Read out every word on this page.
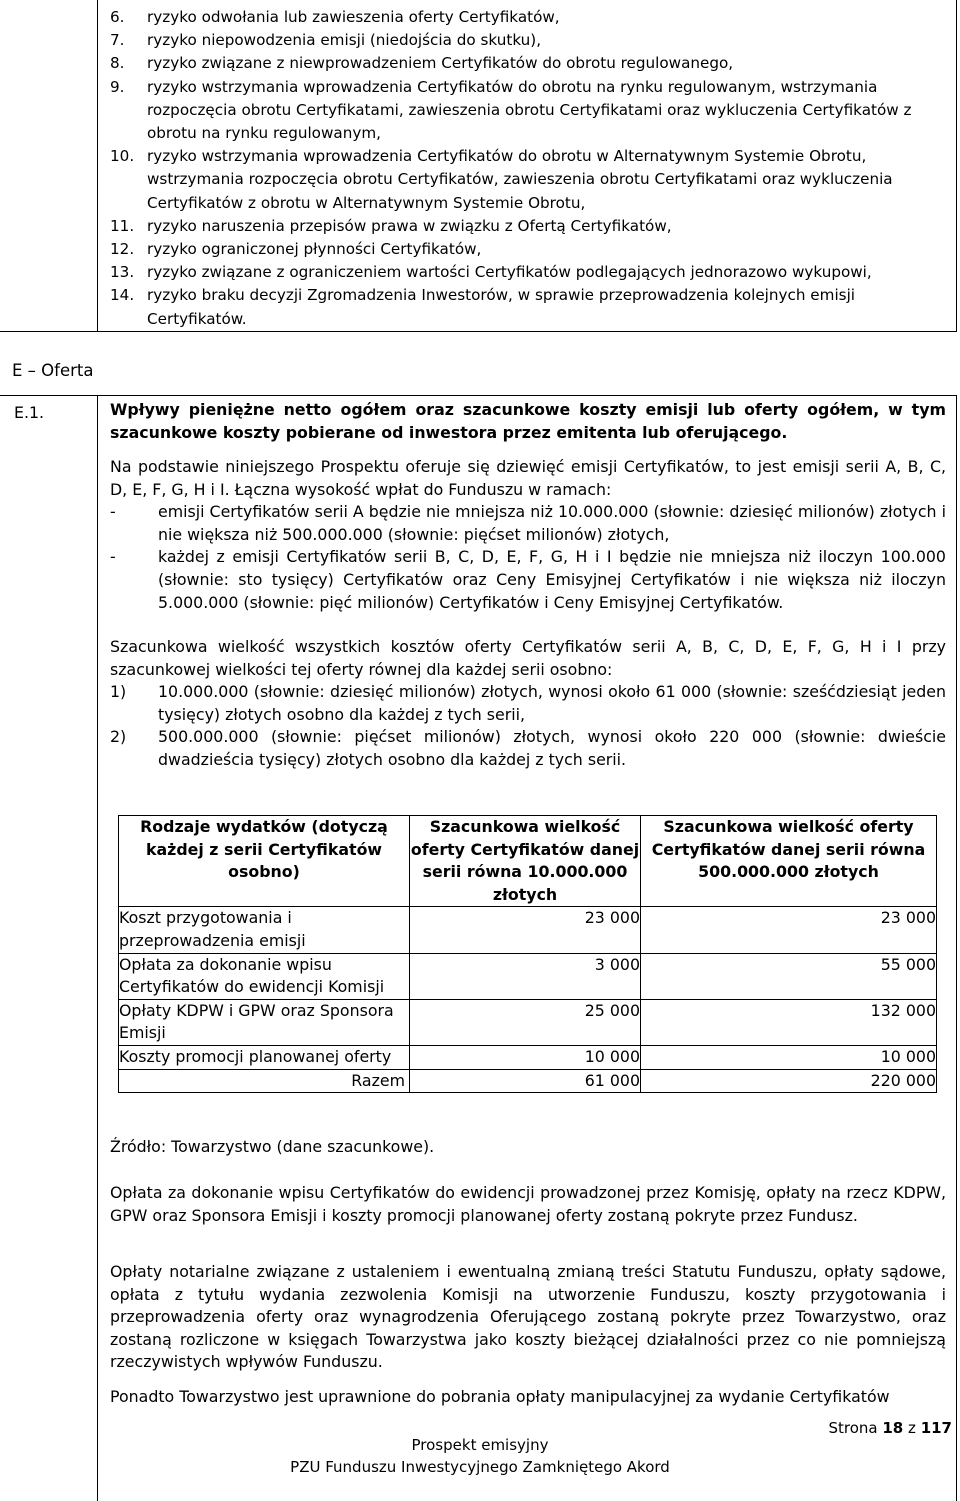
6.	ryzyko odwołania lub zawieszenia oferty Certyfikatów,
7.	ryzyko niepowodzenia emisji (niedojścia do skutku),
8.	ryzyko związane z niewprowadzeniem Certyfikatów do obrotu regulowanego,
9.	ryzyko wstrzymania wprowadzenia Certyfikatów do obrotu na rynku regulowanym, wstrzymania rozpoczęcia obrotu Certyfikatami, zawieszenia obrotu Certyfikatami oraz wykluczenia Certyfikatów z obrotu na rynku regulowanym,
10. ryzyko wstrzymania wprowadzenia Certyfikatów do obrotu w Alternatywnym Systemie Obrotu, wstrzymania rozpoczęcia obrotu Certyfikatów, zawieszenia obrotu Certyfikatami oraz wykluczenia Certyfikatów z obrotu w Alternatywnym Systemie Obrotu,
11. ryzyko naruszenia przepisów prawa w związku z Ofertą Certyfikatów,
12. ryzyko ograniczonej płynności Certyfikatów,
13. ryzyko związane z ograniczeniem wartości Certyfikatów podlegających jednorazowo wykupowi,
14. ryzyko braku decyzji Zgromadzenia Inwestorów, w sprawie przeprowadzenia kolejnych emisji Certyfikatów.
E – Oferta
E.1.	Wpływy pieniężne netto ogółem oraz szacunkowe koszty emisji lub oferty ogółem, w tym szacunkowe koszty pobierane od inwestora przez emitenta lub oferującego.
Na podstawie niniejszego Prospektu oferuje się dziewięć emisji Certyfikatów, to jest emisji serii A, B, C, D, E, F, G, H i I. Łączna wysokość wpłat do Funduszu w ramach:
-	emisji Certyfikatów serii A będzie nie mniejsza niż 10.000.000 (słownie: dziesięć milionów) złotych i nie większa niż 500.000.000 (słownie: pięćset milionów) złotych,
-	każdej z emisji Certyfikatów serii B, C, D, E, F, G, H i I będzie nie mniejsza niż iloczyn 100.000 (słownie: sto tysięcy) Certyfikatów oraz Ceny Emisyjnej Certyfikatów i nie większa niż iloczyn 5.000.000 (słownie: pięć milionów) Certyfikatów i Ceny Emisyjnej Certyfikatów.
Szacunkowa wielkość wszystkich kosztów oferty Certyfikatów serii A, B, C, D, E, F, G, H i I przy szacunkowej wielkości tej oferty równej dla każdej serii osobno:
1)	10.000.000 (słownie: dziesięć milionów) złotych, wynosi około 61 000 (słownie: sześćdziesiąt jeden tysięcy) złotych osobno dla każdej z tych serii,
2)	500.000.000 (słownie: pięćset milionów) złotych, wynosi około 220 000 (słownie: dwieście dwadzieścia tysięcy) złotych osobno dla każdej z tych serii.
Rodzaje wydatków (dotyczą każdej z serii Certyfikatów osobno)	Szacunkowa wielkość oferty Certyfikatów danej serii równa 10.000.000 złotych	Szacunkowa wielkość oferty Certyfikatów danej serii równa 500.000.000 złotych
Koszt przygotowania i przeprowadzenia emisji	23 000	23 000
Opłata za dokonanie wpisu Certyfikatów do ewidencji Komisji	3 000	55 000
Opłaty KDPW i GPW oraz Sponsora Emisji	25 000	132 000
Koszty promocji planowanej oferty	10 000	10 000
Razem	61 000	220 000
Źródło: Towarzystwo (dane szacunkowe).
Opłata za dokonanie wpisu Certyfikatów do ewidencji prowadzonej przez Komisję, opłaty na rzecz KDPW, GPW oraz Sponsora Emisji i koszty promocji planowanej oferty zostaną pokryte przez Fundusz.
Opłaty notarialne związane z ustaleniem i ewentualną zmianą treści Statutu Funduszu, opłaty sądowe, opłata z tytułu wydania zezwolenia Komisji na utworzenie Funduszu, koszty przygotowania i przeprowadzenia oferty oraz wynagrodzenia Oferującego zostaną pokryte przez Towarzystwo, oraz zostaną rozliczone w księgach Towarzystwa jako koszty bieżącej działalności przez co nie pomniejszą rzeczywistych wpływów Funduszu.
Ponadto Towarzystwo jest uprawnione do pobrania opłaty manipulacyjnej za wydanie Certyfikatów
Strona 18 z 117
Prospekt emisyjny
PZU Funduszu Inwestycyjnego Zamkniętego Akord
